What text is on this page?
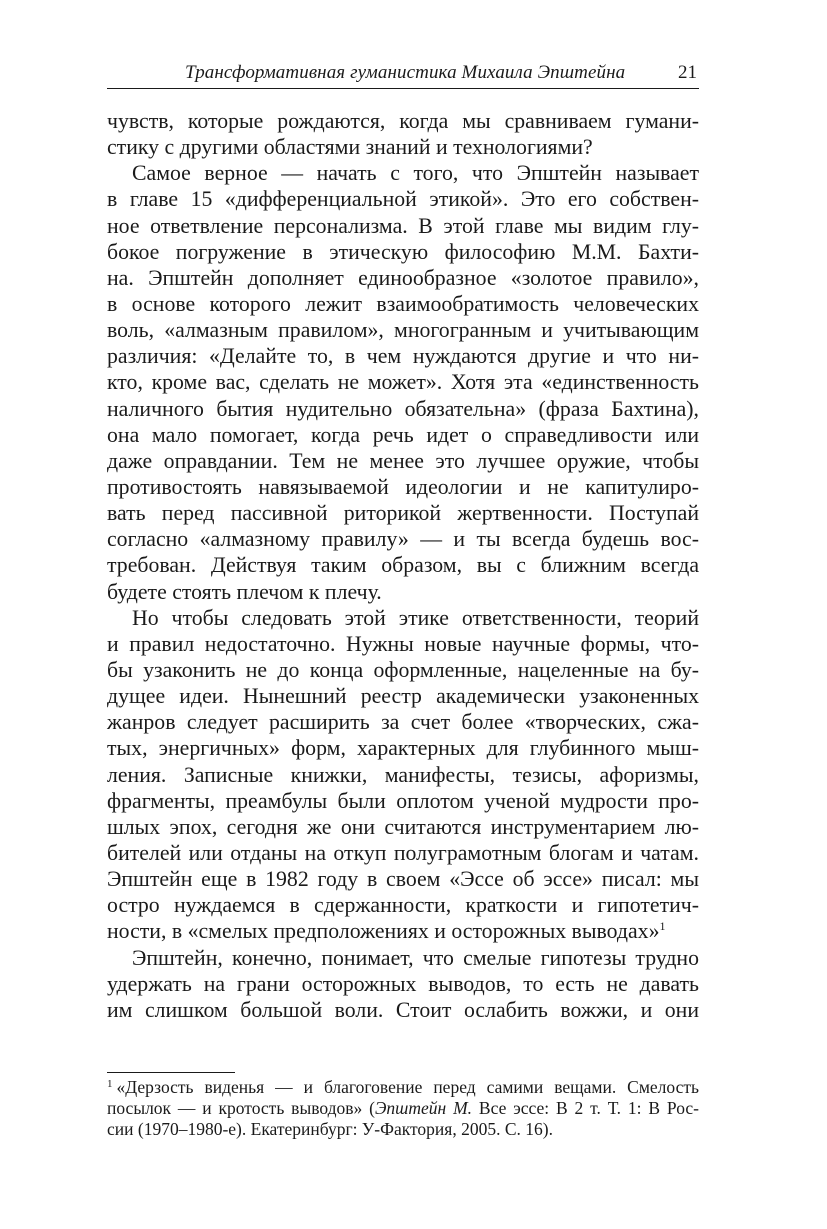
Трансформативная гуманистика Михаила Эпштейна	21
чувств, которые рождаются, когда мы сравниваем гумани-
стику с другими областями знаний и технологиями?
Самое верное — начать с того, что Эпштейн называет
в главе 15 «дифференциальной этикой». Это его собствен-
ное ответвление персонализма. В этой главе мы видим глу-
бокое погружение в этическую философию М.М. Бахти-
на. Эпштейн дополняет единообразное «золотое правило»,
в основе которого лежит взаимообратимость человеческих
воль, «алмазным правилом», многогранным и учитывающим
различия: «Делайте то, в чем нуждаются другие и что ни-
кто, кроме вас, сделать не может». Хотя эта «единственность
наличного бытия нудительно обязательна» (фраза Бахтина),
она мало помогает, когда речь идет о справедливости или
даже оправдании. Тем не менее это лучшее оружие, чтобы
противостоять навязываемой идеологии и не капитулиро-
вать перед пассивной риторикой жертвенности. Поступай
согласно «алмазному правилу» — и ты всегда будешь вос-
требован. Действуя таким образом, вы с ближним всегда
будете стоять плечом к плечу.
Но чтобы следовать этой этике ответственности, теорий
и правил недостаточно. Нужны новые научные формы, что-
бы узаконить не до конца оформленные, нацеленные на бу-
дущее идеи. Нынешний реестр академически узаконенных
жанров следует расширить за счет более «творческих, сжа-
тых, энергичных» форм, характерных для глубинного мыш-
ления. Записные книжки, манифесты, тезисы, афоризмы,
фрагменты, преамбулы были оплотом ученой мудрости про-
шлых эпох, сегодня же они считаются инструментарием лю-
бителей или отданы на откуп полуграмотным блогам и чатам.
Эпштейн еще в 1982 году в своем «Эссе об эссе» писал: мы
остро нуждаемся в сдержанности, краткости и гипотетич-
ности, в «смелых предположениях и осторожных выводах»$^1$
Эпштейн, конечно, понимает, что смелые гипотезы трудно
удержать на грани осторожных выводов, то есть не давать
им слишком большой воли. Стоит ослабить вожжи, и они
$^1$ «Дерзость виденья — и благоговение перед самими вещами. Смелость
посылок — и кротость выводов» (Эпштейн М. Все эссе: В 2 т. Т. 1: В Рос-
сии (1970–1980-е). Екатеринбург: У-Фактория, 2005. С. 16).
